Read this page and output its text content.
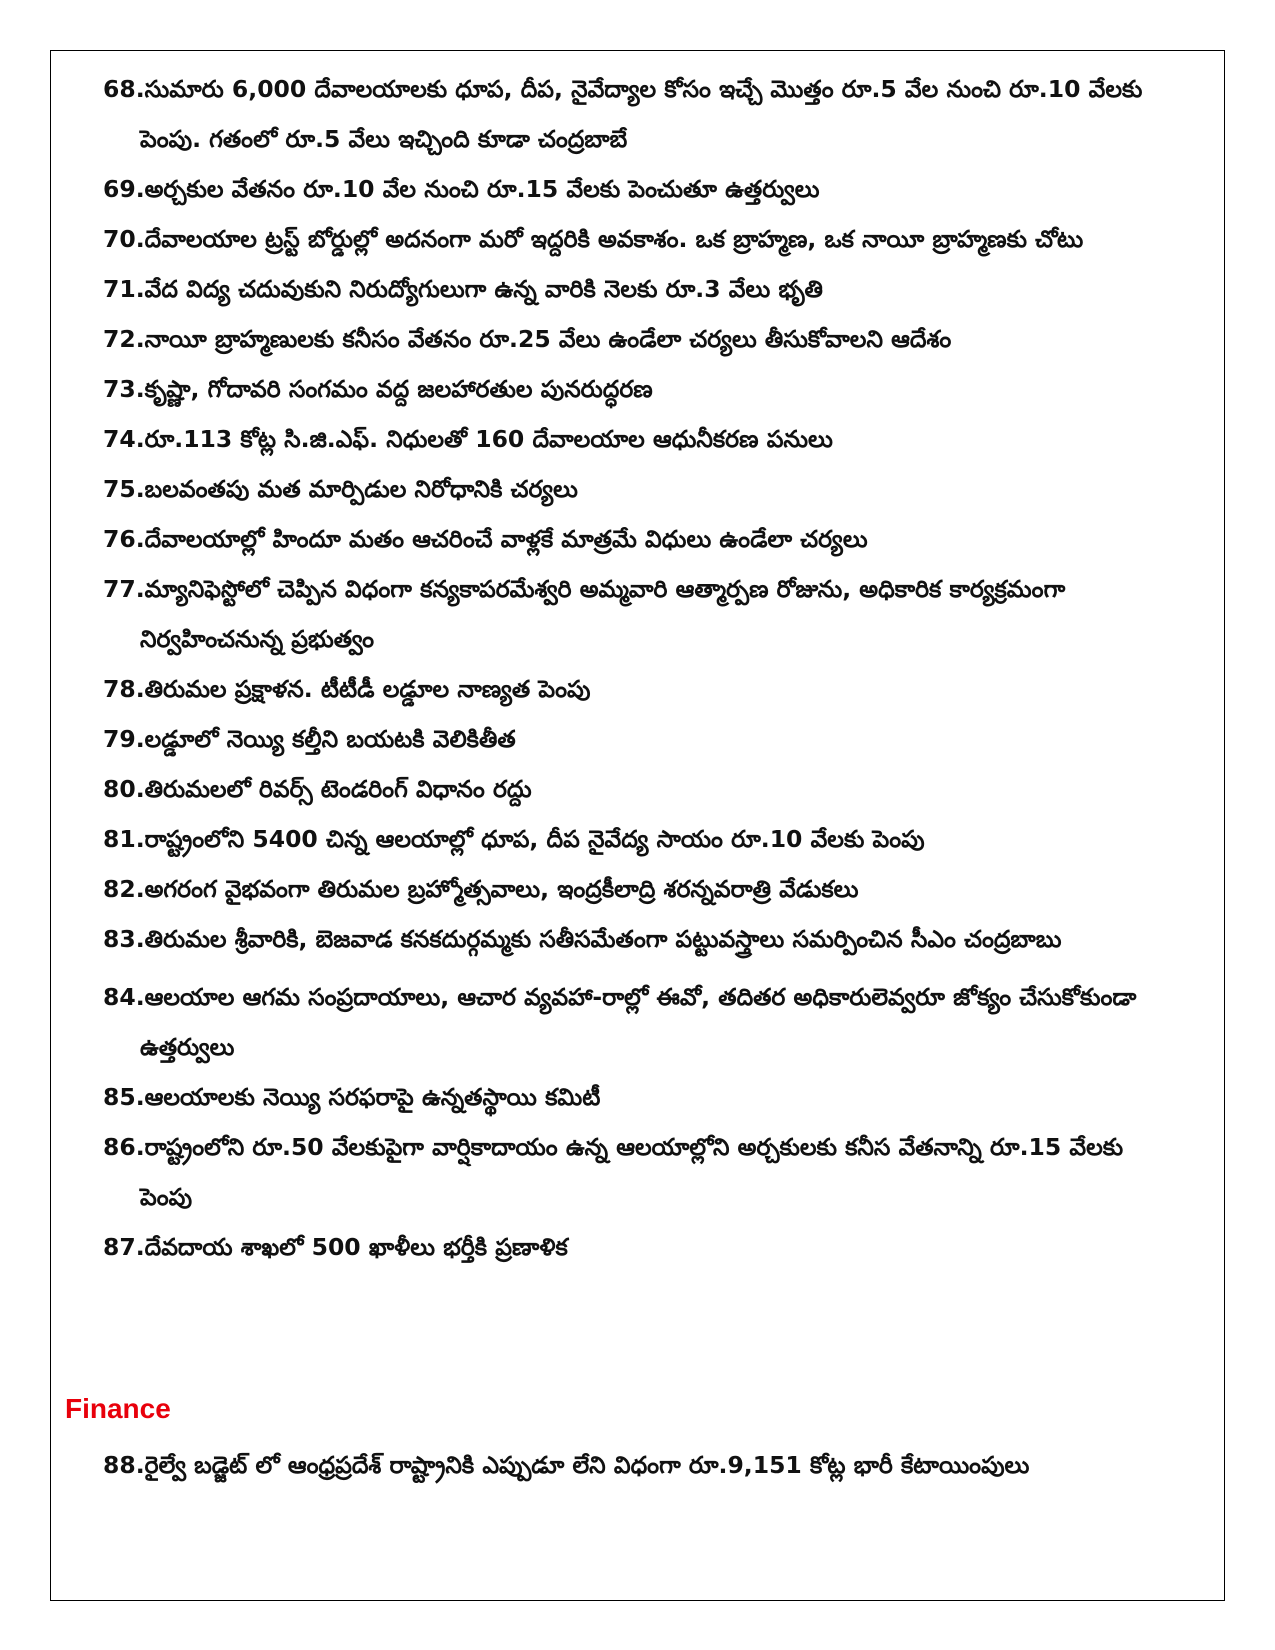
68.సుమారు 6,000 దేవాలయాలకు ధూప, దీప, నైవేద్యాల కోసం ఇచ్చే మొత్తం రూ.5 వేల నుంచి రూ.10 వేలకు పెంపు. గతంలో రూ.5 వేలు ఇచ్చింది కూడా చంద్రబాబే

69.అర్చకుల వేతనం రూ.10 వేల నుంచి రూ.15 వేలకు పెంచుతూ ఉత్తర్వులు

70.దేవాలయాల ట్రస్ట్ బోర్డుల్లో అదనంగా మరో ఇద్దరికి అవకాశం. ఒక బ్రాహ్మణ, ఒక నాయీ బ్రాహ్మణకు చోటు

71.వేద విద్య చదువుకుని నిరుద్యోగులుగా ఉన్న వారికి నెలకు రూ.3 వేలు భృతి

72.నాయీ బ్రాహ్మణులకు కనీసం వేతనం రూ.25 వేలు ఉండేలా చర్యలు తీసుకోవాలని ఆదేశం

73.కృష్ణా, గోదావరి సంగమం వద్ద జలహారతుల పునరుద్ధరణ

74.రూ.113 కోట్ల సి.జి.ఎఫ్. నిధులతో 160 దేవాలయాల ఆధునీకరణ పనులు

75.బలవంతపు మత మార్పిడుల నిరోధానికి చర్యలు

76.దేవాలయాల్లో హిందూ మతం ఆచరించే వాళ్లకే మాత్రమే విధులు ఉండేలా చర్యలు

77.మ్యానిఫెస్టోలో చెప్పిన విధంగా కన్యకాపరమేశ్వరి అమ్మవారి ఆత్మార్పణ రోజును, అధికారిక కార్యక్రమంగా నిర్వహించనున్న ప్రభుత్వం

78.తిరుమల ప్రక్షాళన. టీటీడీ లడ్డూల నాణ్యత పెంపు

79.లడ్డూలో నెయ్యి కల్తీని బయటకి వెలికితీత

80.తిరుమలలో రివర్స్ టెండరింగ్ విధానం రద్దు

81.రాష్ట్రంలోని 5400 చిన్న ఆలయాల్లో ధూప, దీప నైవేద్య సాయం రూ.10 వేలకు పెంపు

82.అగరంగ వైభవంగా తిరుమల బ్రహ్మోత్సవాలు, ఇంద్రకీలాద్రి శరన్నవరాత్రి వేడుకలు

83.తిరుమల శ్రీవారికి, బెజవాడ కనకదుర్గమ్మకు సతీసమేతంగా పట్టువస్త్రాలు సమర్పించిన సీఎం చంద్రబాబు

84.ఆలయాల ఆగమ సంప్రదాయాలు, ఆచార వ్యవహా-రాల్లో ఈవో, తదితర అధికారులెవ్వరూ జోక్యం చేసుకోకుండా ఉత్తర్వులు

85.ఆలయాలకు నెయ్యి సరఫరాపై ఉన్నతస్థాయి కమిటీ

86.రాష్ట్రంలోని రూ.50 వేలకుపైగా వార్షికాదాయం ఉన్న ఆలయాల్లోని అర్చకులకు కనీస వేతనాన్ని రూ.15 వేలకు పెంపు

87.దేవదాయ శాఖలో 500 ఖాళీలు భర్తీకి ప్రణాళిక

Finance

88.రైల్వే బడ్జెట్ లో ఆంధ్రప్రదేశ్ రాష్ట్రానికి ఎప్పుడూ లేని విధంగా రూ.9,151 కోట్ల భారీ కేటాయింపులు
